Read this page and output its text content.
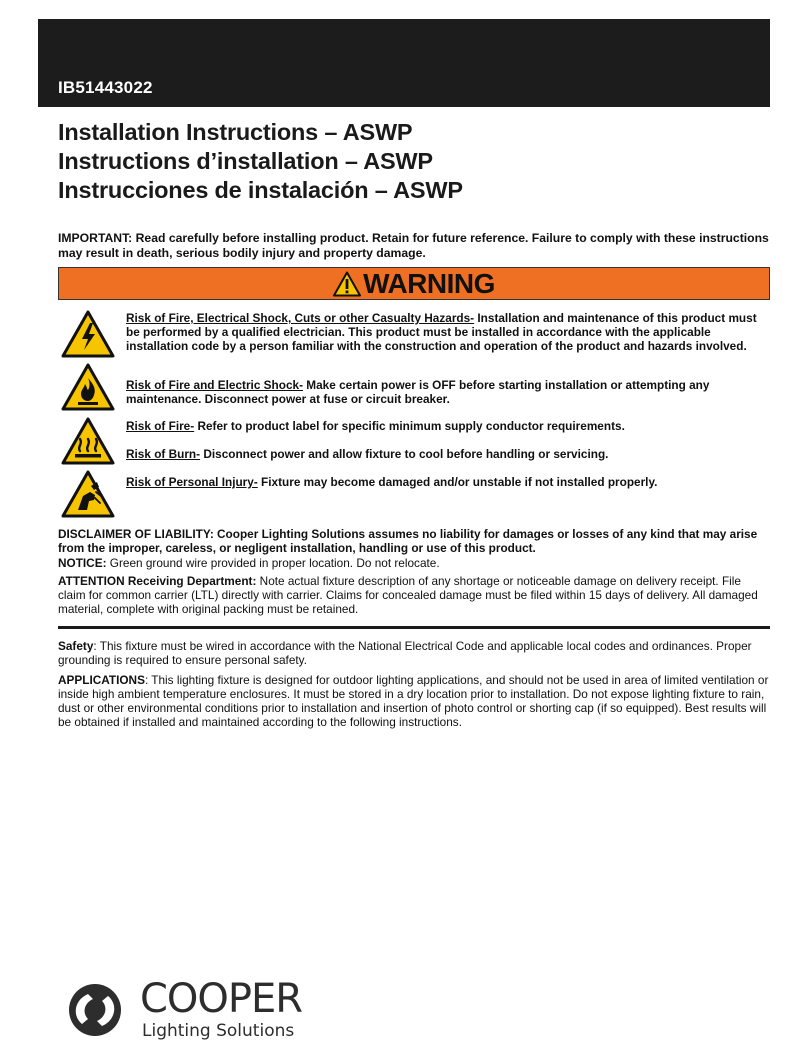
IB51443022
Installation Instructions – ASWP
Instructions d’installation – ASWP
Instrucciones de instalación – ASWP
IMPORTANT: Read carefully before installing product. Retain for future reference. Failure to comply with these instructions may result in death, serious bodily injury and property damage.
WARNING
Risk of Fire, Electrical Shock, Cuts or other Casualty Hazards- Installation and maintenance of this product must be performed by a qualified electrician. This product must be installed in accordance with the applicable installation code by a person familiar with the construction and operation of the product and hazards involved.
Risk of Fire and Electric Shock- Make certain power is OFF before starting installation or attempting any maintenance. Disconnect power at fuse or circuit breaker.
Risk of Fire- Refer to product label for specific minimum supply conductor requirements.
Risk of Burn- Disconnect power and allow fixture to cool before handling or servicing.
Risk of Personal Injury- Fixture may become damaged and/or unstable if not installed properly.
DISCLAIMER OF LIABILITY: Cooper Lighting Solutions assumes no liability for damages or losses of any kind that may arise from the improper, careless, or negligent installation, handling or use of this product.
NOTICE: Green ground wire provided in proper location. Do not relocate.
ATTENTION Receiving Department: Note actual fixture description of any shortage or noticeable damage on delivery receipt. File claim for common carrier (LTL) directly with carrier. Claims for concealed damage must be filed within 15 days of delivery. All damaged material, complete with original packing must be retained.
Safety: This fixture must be wired in accordance with the National Electrical Code and applicable local codes and ordinances. Proper grounding is required to ensure personal safety.
APPLICATIONS: This lighting fixture is designed for outdoor lighting applications, and should not be used in area of limited ventilation or inside high ambient temperature enclosures. It must be stored in a dry location prior to installation. Do not expose lighting fixture to rain, dust or other environmental conditions prior to installation and insertion of photo control or shorting cap (if so equipped). Best results will be obtained if installed and maintained according to the following instructions.
COOPER
Lighting Solutions
